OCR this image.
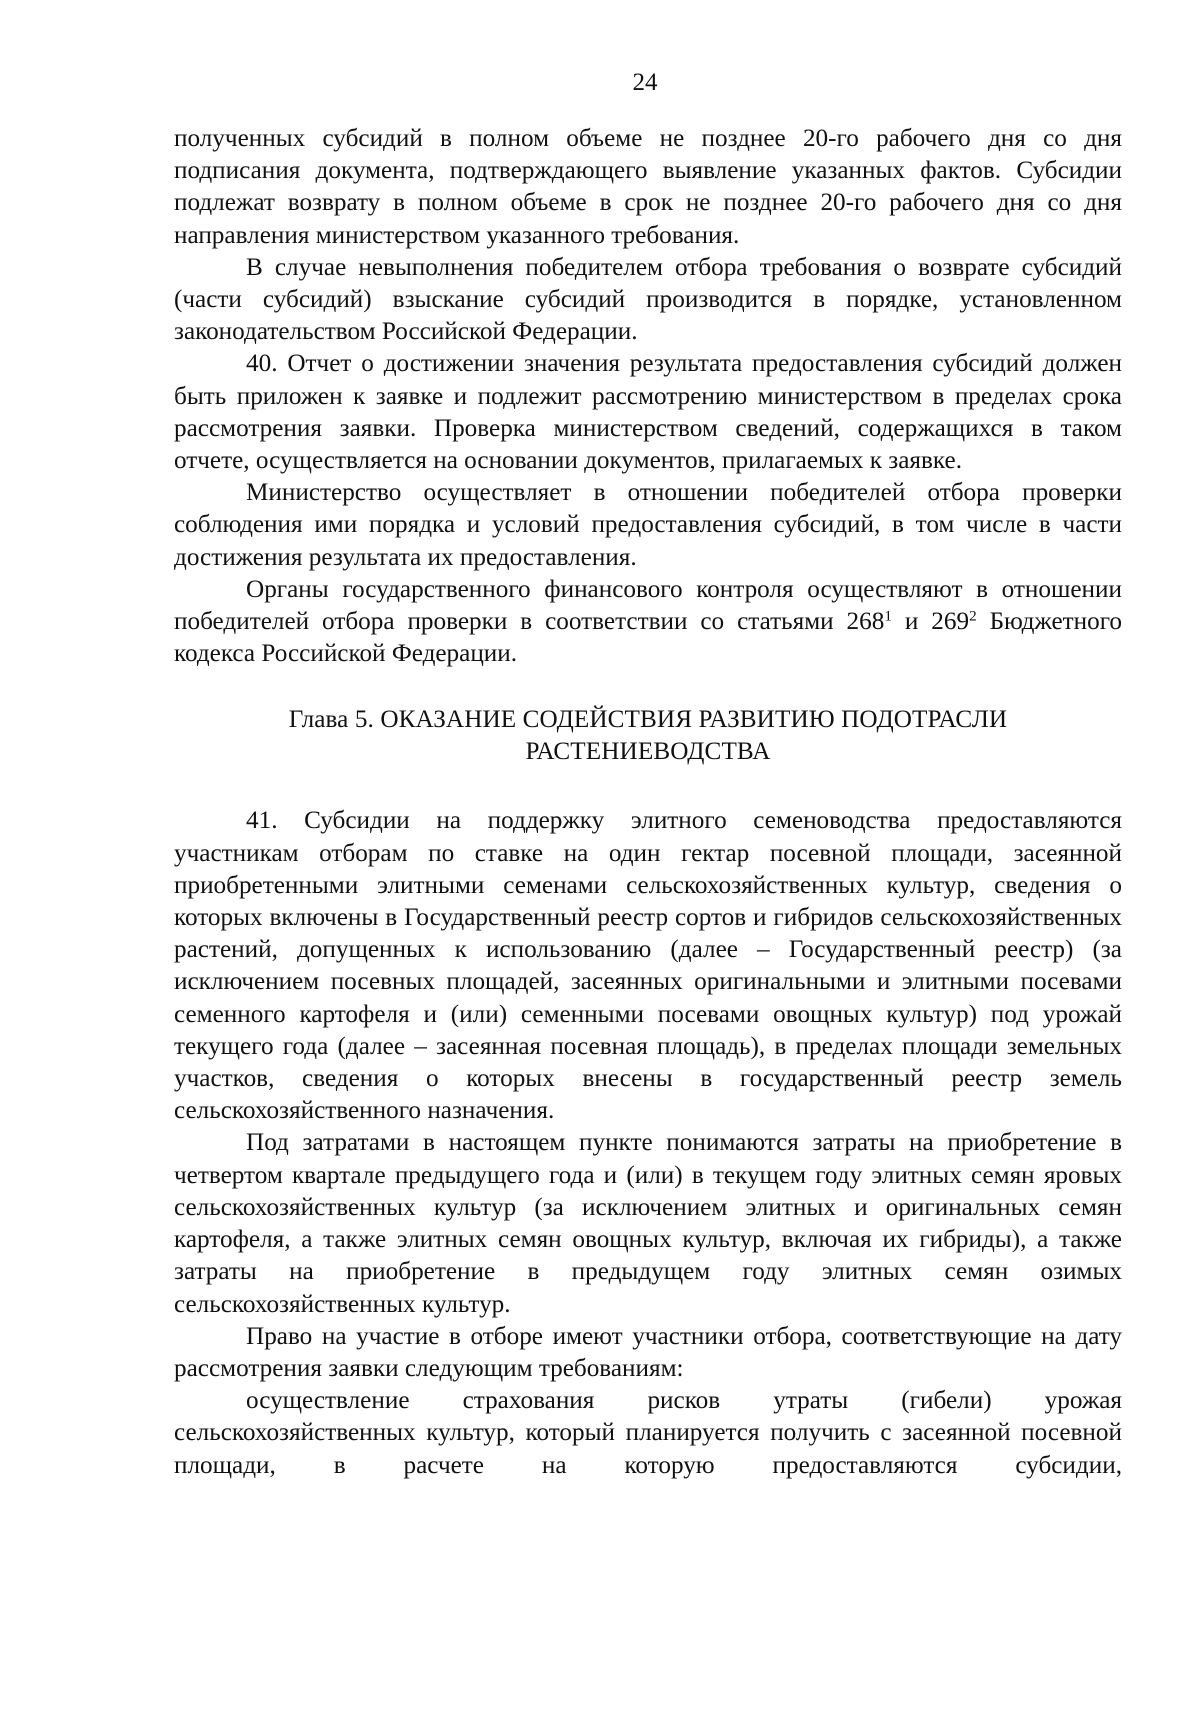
24

полученных субсидий в полном объеме не позднее 20-го рабочего дня со дня подписания документа, подтверждающего выявление указанных фактов. Субсидии подлежат возврату в полном объеме в срок не позднее 20-го рабочего дня со дня направления министерством указанного требования.

В случае невыполнения победителем отбора требования о возврате субсидий (части субсидий) взыскание субсидий производится в порядке, установленном законодательством Российской Федерации.

40. Отчет о достижении значения результата предоставления субсидий должен быть приложен к заявке и подлежит рассмотрению министерством в пределах срока рассмотрения заявки. Проверка министерством сведений, содержащихся в таком отчете, осуществляется на основании документов, прилагаемых к заявке.

Министерство осуществляет в отношении победителей отбора проверки соблюдения ими порядка и условий предоставления субсидий, в том числе в части достижения результата их предоставления.

Органы государственного финансового контроля осуществляют в отношении победителей отбора проверки в соответствии со статьями $268^1$ и $269^2$ Бюджетного кодекса Российской Федерации.

Глава 5. ОКАЗАНИЕ СОДЕЙСТВИЯ РАЗВИТИЮ ПОДОТРАСЛИ
РАСТЕНИЕВОДСТВА

41. Субсидии на поддержку элитного семеноводства предоставляются участникам отборам по ставке на один гектар посевной площади, засеянной приобретенными элитными семенами сельскохозяйственных культур, сведения о которых включены в Государственный реестр сортов и гибридов сельскохозяйственных растений, допущенных к использованию (далее – Государственный реестр) (за исключением посевных площадей, засеянных оригинальными и элитными посевами семенного картофеля и (или) семенными посевами овощных культур) под урожай текущего года (далее – засеянная посевная площадь), в пределах площади земельных участков, сведения о которых внесены в государственный реестр земель сельскохозяйственного назначения.

Под затратами в настоящем пункте понимаются затраты на приобретение в четвертом квартале предыдущего года и (или) в текущем году элитных семян яровых сельскохозяйственных культур (за исключением элитных и оригинальных семян картофеля, а также элитных семян овощных культур, включая их гибриды), а также затраты на приобретение в предыдущем году элитных семян озимых сельскохозяйственных культур.

Право на участие в отборе имеют участники отбора, соответствующие на дату рассмотрения заявки следующим требованиям:

осуществление страхования рисков утраты (гибели) урожая сельскохозяйственных культур, который планируется получить с засеянной посевной площади, в расчете на которую предоставляются субсидии,
